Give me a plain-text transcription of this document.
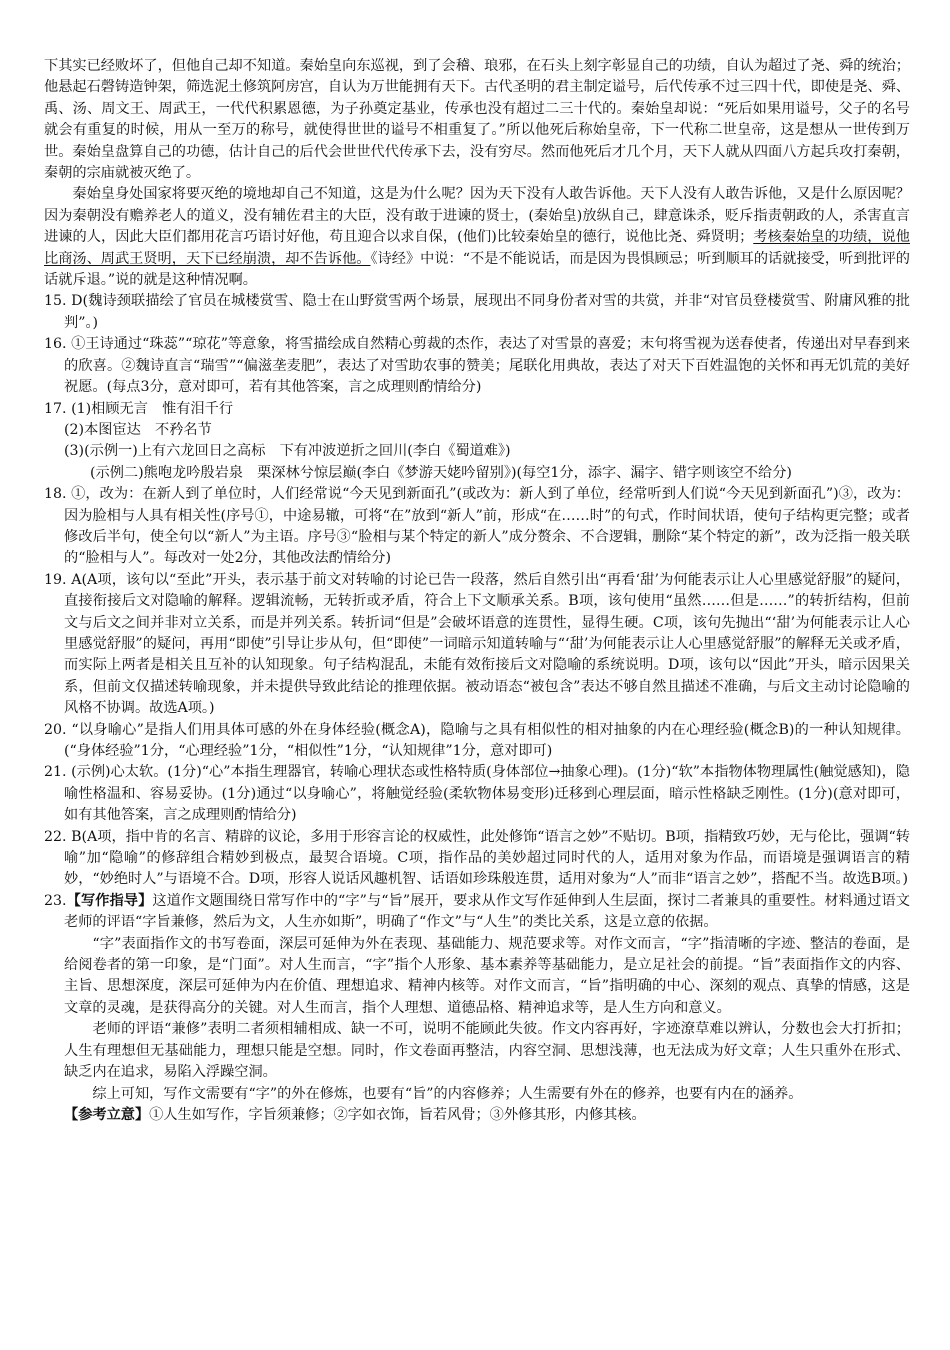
下其实已经败坏了，但他自己却不知道。秦始皇向东巡视，到了会稽、琅邪，在石头上刻字彰显自己的功绩，自认为超过了尧、舜的统治；他悬起石磬铸造钟架，筛选泥土修筑阿房宫，自认为万世能拥有天下。古代圣明的君主制定谥号，后代传承不过三四十代，即使是尧、舜、禹、汤、周文王、周武王，一代代积累恩德，为子孙奠定基业，传承也没有超过二三十代的。秦始皇却说：“死后如果用谥号，父子的名号就会有重复的时候，用从一至万的称号，就使得世世的谥号不相重复了。”所以他死后称始皇帝，下一代称二世皇帝，这是想从一世传到万世。秦始皇盘算自己的功德，估计自己的后代会世世代代传承下去，没有穷尽。然而他死后才几个月，天下人就从四面八方起兵攻打秦朝，秦朝的宗庙就被灭绝了。

秦始皇身处国家将要灭绝的境地却自己不知道，这是为什么呢？因为天下没有人敢告诉他。天下人没有人敢告诉他，又是什么原因呢？因为秦朝没有赡养老人的道义，没有辅佐君主的大臣，没有敢于进谏的贤士，(秦始皇)放纵自己，肆意诛杀，贬斥指责朝政的人，杀害直言进谏的人，因此大臣们都用花言巧语讨好他，苟且迎合以求自保，(他们)比较秦始皇的德行，说他比尧、舜贤明；考核秦始皇的功绩，说他比商汤、周武王贤明，天下已经崩溃，却不告诉他。《诗经》中说：“不是不能说话，而是因为畏惧顾忌；听到顺耳的话就接受，听到批评的话就斥退。”说的就是这种情况啊。

15. D(魏诗颈联描绘了官员在城楼赏雪、隐士在山野赏雪两个场景，展现出不同身份者对雪的共赏，并非“对官员登楼赏雪、附庸风雅的批判”。)

16. ①王诗通过“珠蕊”“琼花”等意象，将雪描绘成自然精心剪裁的杰作，表达了对雪景的喜爱；末句将雪视为送春使者，传递出对早春到来的欣喜。②魏诗直言“瑞雪”“偏滋垄麦肥”，表达了对雪助农事的赞美；尾联化用典故，表达了对天下百姓温饱的关怀和再无饥荒的美好祝愿。(每点3分，意对即可，若有其他答案，言之成理则酌情给分)

17. (1)相顾无言　惟有泪千行

(2)本图宦达　不矜名节

(3)(示例一)上有六龙回日之高标　下有冲波逆折之回川(李白《蜀道难》)

(示例二)熊咆龙吟殷岩泉　栗深林兮惊层巅(李白《梦游天姥吟留别》)(每空1分，添字、漏字、错字则该空不给分)

18. ①，改为：在新人到了单位时，人们经常说“今天见到新面孔”(或改为：新人到了单位，经常听到人们说“今天见到新面孔”)③，改为：因为脸相与人具有相关性(序号①，中途易辙，可将“在”放到“新人”前，形成“在……时”的句式，作时间状语，使句子结构更完整；或者修改后半句，使全句以“新人”为主语。序号③“脸相与某个特定的新人”成分赘余、不合逻辑，删除“某个特定的新”，改为泛指一般关联的“脸相与人”。每改对一处2分，其他改法酌情给分)

19. A(A项，该句以“至此”开头，表示基于前文对转喻的讨论已告一段落，然后自然引出“再看‘甜’为何能表示让人心里感觉舒服”的疑问，直接衔接后文对隐喻的解释。逻辑流畅，无转折或矛盾，符合上下文顺承关系。B项，该句使用“虽然……但是……”的转折结构，但前文与后文之间并非对立关系，而是并列关系。转折词“但是”会破坏语意的连贯性，显得生硬。C项，该句先抛出“‘甜’为何能表示让人心里感觉舒服”的疑问，再用“即使”引导让步从句，但“即使”一词暗示知道转喻与“‘甜’为何能表示让人心里感觉舒服”的解释无关或矛盾，而实际上两者是相关且互补的认知现象。句子结构混乱，未能有效衔接后文对隐喻的系统说明。D项，该句以“因此”开头，暗示因果关系，但前文仅描述转喻现象，并未提供导致此结论的推理依据。被动语态“被包含”表达不够自然且描述不准确，与后文主动讨论隐喻的风格不协调。故选A项。)

20. “以身喻心”是指人们用具体可感的外在身体经验(概念A)，隐喻与之具有相似性的相对抽象的内在心理经验(概念B)的一种认知规律。(“身体经验”1分，“心理经验”1分，“相似性”1分，“认知规律”1分，意对即可)

21. (示例)心太软。(1分)“心”本指生理器官，转喻心理状态或性格特质(身体部位→抽象心理)。(1分)“软”本指物体物理属性(触觉感知)，隐喻性格温和、容易妥协。(1分)通过“以身喻心”，将触觉经验(柔软物体易变形)迁移到心理层面，暗示性格缺乏刚性。(1分)(意对即可，如有其他答案，言之成理则酌情给分)

22. B(A项，指中肯的名言、精辟的议论，多用于形容言论的权威性，此处修饰“语言之妙”不贴切。B项，指精致巧妙，无与伦比，强调“转喻”加“隐喻”的修辞组合精妙到极点，最契合语境。C项，指作品的美妙超过同时代的人，适用对象为作品，而语境是强调语言的精妙，“妙绝时人”与语境不合。D项，形容人说话风趣机智、话语如珍珠般连贯，适用对象为“人”而非“语言之妙”，搭配不当。故选B项。)

23.【写作指导】这道作文题围绕日常写作中的“字”与“旨”展开，要求从作文写作延伸到人生层面，探讨二者兼具的重要性。材料通过语文老师的评语“字旨兼修，然后为文，人生亦如斯”，明确了“作文”与“人生”的类比关系，这是立意的依据。

“字”表面指作文的书写卷面，深层可延伸为外在表现、基础能力、规范要求等。对作文而言，“字”指清晰的字迹、整洁的卷面，是给阅卷者的第一印象，是“门面”。对人生而言，“字”指个人形象、基本素养等基础能力，是立足社会的前提。“旨”表面指作文的内容、主旨、思想深度，深层可延伸为内在价值、理想追求、精神内核等。对作文而言，“旨”指明确的中心、深刻的观点、真挚的情感，这是文章的灵魂，是获得高分的关键。对人生而言，指个人理想、道德品格、精神追求等，是人生方向和意义。

老师的评语“兼修”表明二者须相辅相成、缺一不可，说明不能顾此失彼。作文内容再好，字迹潦草难以辨认，分数也会大打折扣；人生有理想但无基础能力，理想只能是空想。同时，作文卷面再整洁，内容空洞、思想浅薄，也无法成为好文章；人生只重外在形式、缺乏内在追求，易陷入浮躁空洞。

综上可知，写作文需要有“字”的外在修炼，也要有“旨”的内容修养；人生需要有外在的修养，也要有内在的涵养。

【参考立意】①人生如写作，字旨须兼修；②字如衣饰，旨若风骨；③外修其形，内修其核。
